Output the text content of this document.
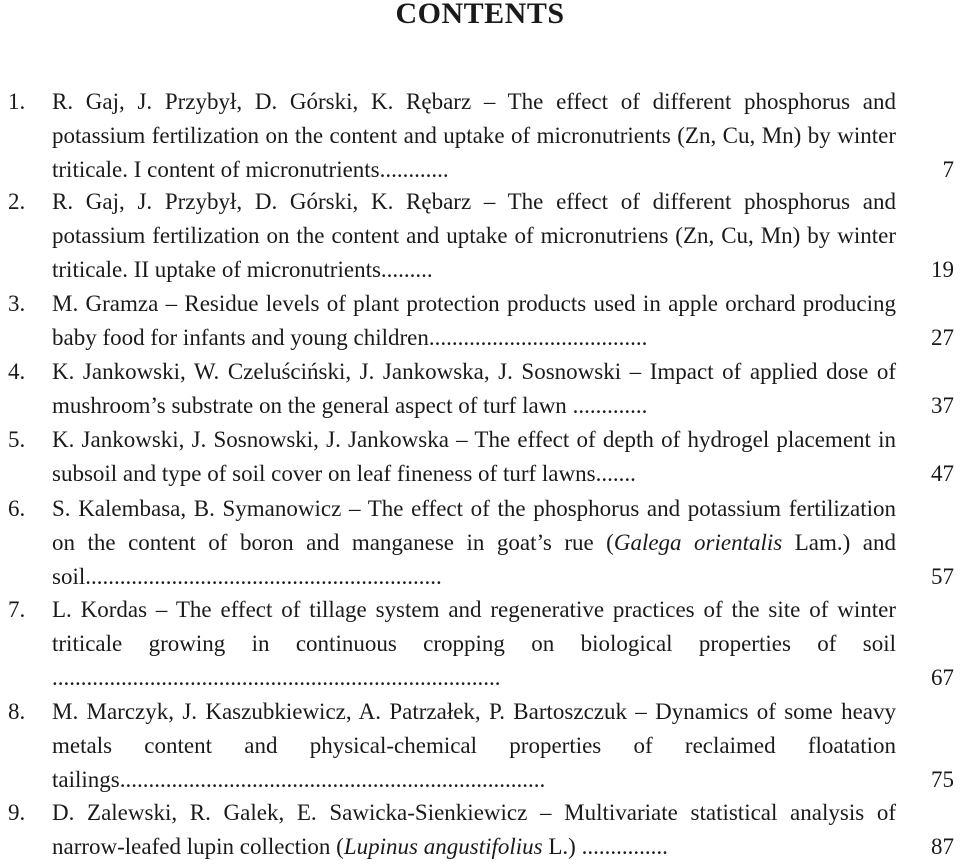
CONTENTS
1. R. Gaj, J. Przybył, D. Górski, K. Rębarz – The effect of different phosphorus and potassium fertilization on the content and uptake of micronutrients (Zn, Cu, Mn) by winter triticale. I content of micronutrients............	7
2. R. Gaj, J. Przybył, D. Górski, K. Rębarz – The effect of different phosphorus and potassium fertilization on the content and uptake of micronutriens (Zn, Cu, Mn) by winter triticale. II uptake of micronutrients.........	19
3. M. Gramza – Residue levels of plant protection products used in apple orchard producing baby food for infants and young children......................................	27
4. K. Jankowski, W. Czeluściński, J. Jankowska, J. Sosnowski – Impact of applied dose of mushroom’s substrate on the general aspect of turf lawn .............	37
5. K. Jankowski, J. Sosnowski, J. Jankowska – The effect of depth of hydrogel placement in subsoil and type of soil cover on leaf fineness of turf lawns.......	47
6. S. Kalembasa, B. Symanowicz – The effect of the phosphorus and potassium fertilization on the content of boron and manganese in goat’s rue (Galega orientalis Lam.) and soil..............................................................	57
7. L. Kordas – The effect of tillage system and regenerative practices of the site of winter triticale growing in continuous cropping on biological properties of soil ..............................................................................	67
8. M. Marczyk, J. Kaszubkiewicz, A. Patrzałek, P. Bartoszczuk – Dynamics of some heavy metals content and physical-chemical properties of reclaimed floatation tailings..........................................................................	75
9. D. Zalewski, R. Galek, E. Sawicka-Sienkiewicz – Multivariate statistical analysis of narrow-leafed lupin collection (Lupinus angustifolius L.) ...............	87
